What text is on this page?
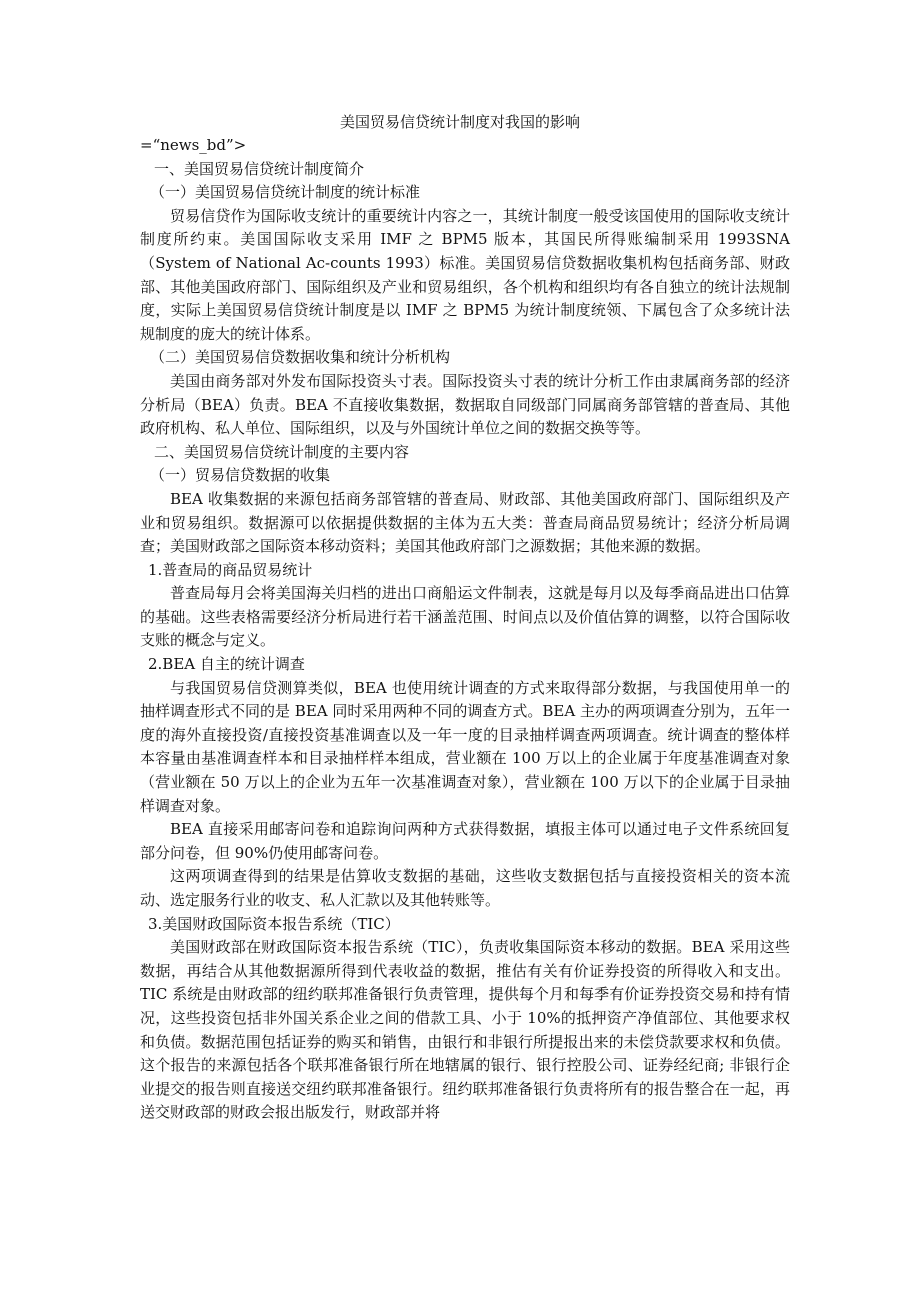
美国贸易信贷统计制度对我国的影响

=“news_bd”>

一、美国贸易信贷统计制度简介

（一）美国贸易信贷统计制度的统计标准

贸易信贷作为国际收支统计的重要统计内容之一，其统计制度一般受该国使用的国际收支统计制度所约束。美国国际收支采用 IMF 之 BPM5 版本，其国民所得账编制采用 1993SNA（System of National Ac‐counts 1993）标准。美国贸易信贷数据收集机构包括商务部、财政部、其他美国政府部门、国际组织及产业和贸易组织，各个机构和组织均有各自独立的统计法规制度，实际上美国贸易信贷统计制度是以 IMF 之 BPM5 为统计制度统领、下属包含了众多统计法规制度的庞大的统计体系。

（二）美国贸易信贷数据收集和统计分析机构

美国由商务部对外发布国际投资头寸表。国际投资头寸表的统计分析工作由隶属商务部的经济分析局（BEA）负责。BEA 不直接收集数据，数据取自同级部门同属商务部管辖的普查局、其他政府机构、私人单位、国际组织，以及与外国统计单位之间的数据交换等等。

二、美国贸易信贷统计制度的主要内容

（一）贸易信贷数据的收集

BEA 收集数据的来源包括商务部管辖的普查局、财政部、其他美国政府部门、国际组织及产业和贸易组织。数据源可以依据提供数据的主体为五大类：普查局商品贸易统计；经济分析局调查；美国财政部之国际资本移动资料；美国其他政府部门之源数据；其他来源的数据。

1.普查局的商品贸易统计

普查局每月会将美国海关归档的进出口商船运文件制表，这就是每月以及每季商品进出口估算的基础。这些表格需要经济分析局进行若干涵盖范围、时间点以及价值估算的调整，以符合国际收支账的概念与定义。

2.BEA 自主的统计调查

与我国贸易信贷测算类似，BEA 也使用统计调查的方式来取得部分数据，与我国使用单一的抽样调查形式不同的是 BEA 同时采用两种不同的调查方式。BEA 主办的两项调查分别为，五年一度的海外直接投资/直接投资基准调查以及一年一度的目录抽样调查两项调查。统计调查的整体样本容量由基准调查样本和目录抽样样本组成，营业额在 100 万以上的企业属于年度基准调查对象（营业额在 50 万以上的企业为五年一次基准调查对象），营业额在 100 万以下的企业属于目录抽样调查对象。

BEA 直接采用邮寄问卷和追踪询问两种方式获得数据，填报主体可以通过电子文件系统回复部分问卷，但 90%仍使用邮寄问卷。

这两项调查得到的结果是估算收支数据的基础，这些收支数据包括与直接投资相关的资本流动、选定服务行业的收支、私人汇款以及其他转账等。

3.美国财政国际资本报告系统（TIC）

美国财政部在财政国际资本报告系统（TIC），负责收集国际资本移动的数据。BEA 采用这些数据，再结合从其他数据源所得到代表收益的数据，推估有关有价证券投资的所得收入和支出。TIC 系统是由财政部的纽约联邦准备银行负责管理，提供每个月和每季有价证券投资交易和持有情况，这些投资包括非外国关系企业之间的借款工具、小于 10%的抵押资产净值部位、其他要求权和负债。数据范围包括证券的购买和销售，由银行和非银行所提报出来的未偿贷款要求权和负债。这个报告的来源包括各个联邦准备银行所在地辖属的银行、银行控股公司、证券经纪商; 非银行企业提交的报告则直接送交纽约联邦准备银行。纽约联邦准备银行负责将所有的报告整合在一起，再送交财政部的财政会报出版发行，财政部并将
